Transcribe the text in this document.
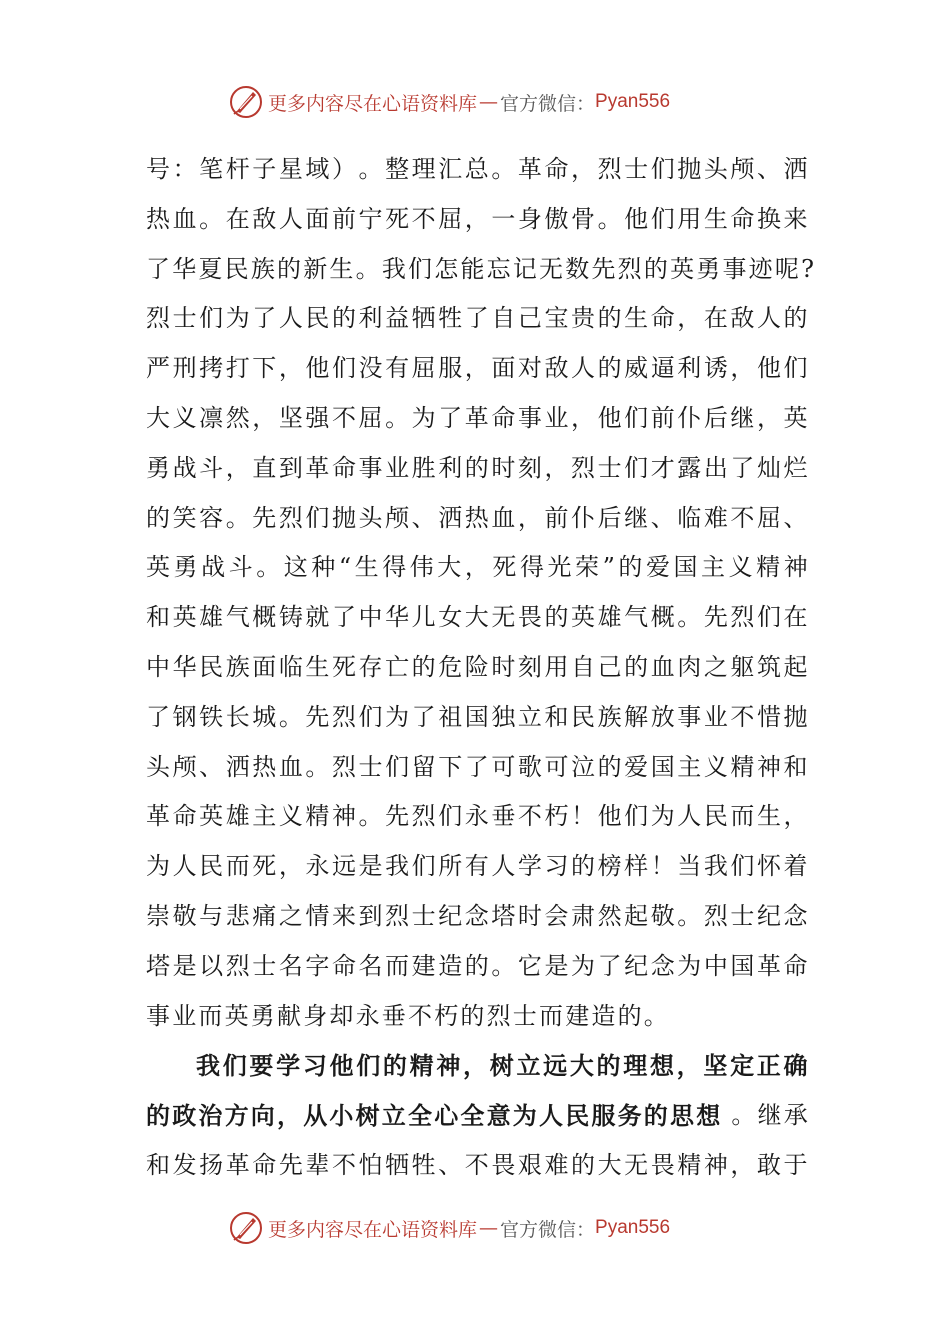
更多内容尽在心语资料库 — 官方微信： Pyan556
号 ： 笔 杆 子 星 域 ） 。 整 理 汇 总 。 革 命 ， 烈 士 们 抛 头 颅 、 洒
热 血 。 在 敌 人 面 前 宁 死 不 屈 ， 一 身 傲 骨 。 他 们 用 生 命 换 来
了 华 夏 民 族 的 新 生 。 我 们 怎 能 忘 记 无 数 先 烈 的 英 勇 事 迹 呢 ?
烈 士 们 为 了 人 民 的 利 益 牺 牲 了 自 己 宝 贵 的 生 命 ， 在 敌 人 的
严 刑 拷 打 下 ， 他 们 没 有 屈 服 ， 面 对 敌 人 的 威 逼 利 诱 ， 他 们
大 义 凛 然 ， 坚 强 不 屈 。 为 了 革 命 事 业 ， 他 们 前 仆 后 继 ， 英
勇 战 斗 ， 直 到 革 命 事 业 胜 利 的 时 刻 ， 烈 士 们 才 露 出 了 灿 烂
的 笑 容 。 先 烈 们 抛 头 颅 、 洒 热 血 ， 前 仆 后 继 、 临 难 不 屈 、
英 勇 战 斗 。 这 种 “ 生 得 伟 大 ， 死 得 光 荣 ” 的 爱 国 主 义 精 神
和 英 雄 气 概 铸 就 了 中 华 儿 女 大 无 畏 的 英 雄 气 概 。 先 烈 们 在
中 华 民 族 面 临 生 死 存 亡 的 危 险 时 刻 用 自 己 的 血 肉 之 躯 筑 起
了 钢 铁 长 城 。 先 烈 们 为 了 祖 国 独 立 和 民 族 解 放 事 业 不 惜 抛
头 颅 、 洒 热 血 。 烈 士 们 留 下 了 可 歌 可 泣 的 爱 国 主 义 精 神 和
革 命 英 雄 主 义 精 神 。 先 烈 们 永 垂 不 朽 ！ 他 们 为 人 民 而 生 ，
为 人 民 而 死 ， 永 远 是 我 们 所 有 人 学 习 的 榜 样 ！ 当 我 们 怀 着
崇 敬 与 悲 痛 之 情 来 到 烈 士 纪 念 塔 时 会 肃 然 起 敬 。 烈 士 纪 念
塔 是 以 烈 士 名 字 命 名 而 建 造 的 。 它 是 为 了 纪 念 为 中 国 革 命
事业而英勇献身却永垂不朽的烈士而建造的。
我 们 要 学 习 他 们 的 精 神 ， 树 立 远 大 的 理 想 ， 坚 定 正 确
的政治方向，从小树立全心全意为人民服务的思想 。继承
和 发 扬 革 命 先 辈 不 怕 牺 牲 、 不 畏 艰 难 的 大 无 畏 精 神 ， 敢 于
更多内容尽在心语资料库 — 官方微信： Pyan556
